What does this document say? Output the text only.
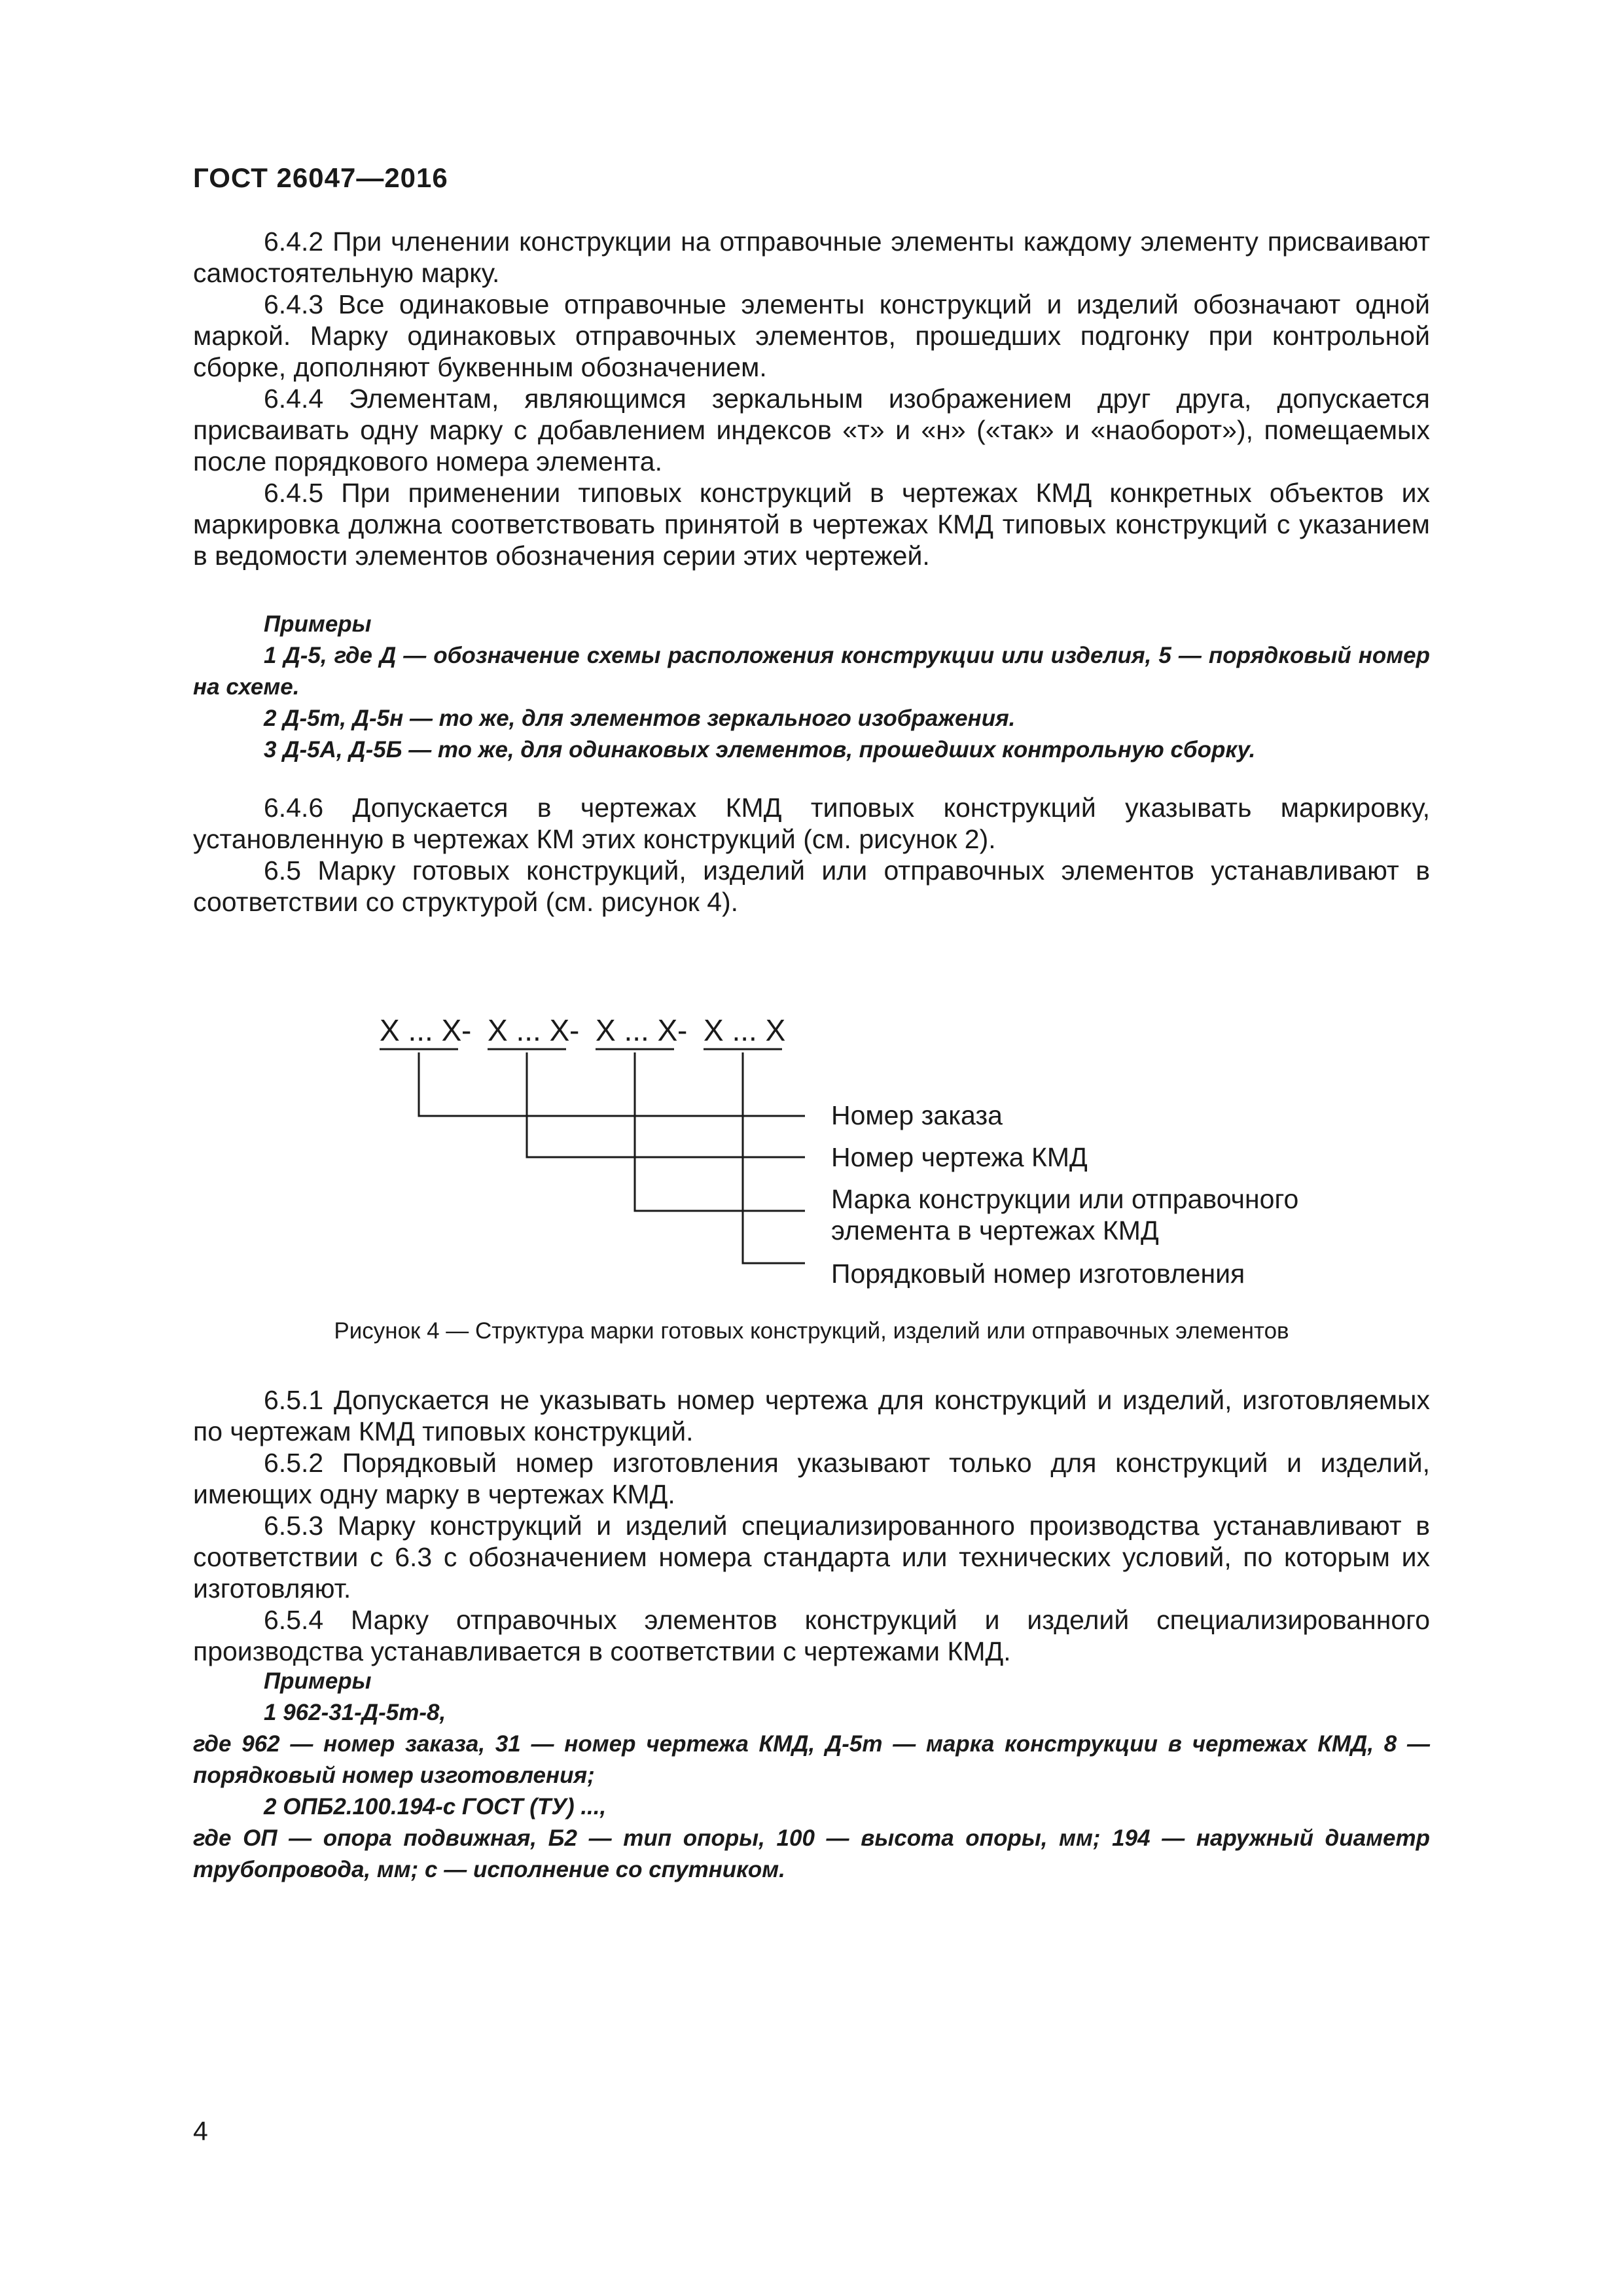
ГОСТ 26047—2016

6.4.2 При членении конструкции на отправочные элементы каждому элементу присваивают самостоятельную марку.

6.4.3 Все одинаковые отправочные элементы конструкций и изделий обозначают одной маркой. Марку одинаковых отправочных элементов, прошедших подгонку при контрольной сборке, дополняют буквенным обозначением.

6.4.4 Элементам, являющимся зеркальным изображением друг друга, допускается присваивать одну марку с добавлением индексов «т» и «н» («так» и «наоборот»), помещаемых после порядкового номера элемента.

6.4.5 При применении типовых конструкций в чертежах КМД конкретных объектов их маркировка должна соответствовать принятой в чертежах КМД типовых конструкций с указанием в ведомости элементов обозначения серии этих чертежей.

Примеры

1 Д-5, где Д — обозначение схемы расположения конструкции или изделия, 5 — порядковый номер на схеме.

2 Д-5т, Д-5н — то же, для элементов зеркального изображения.

3 Д-5А, Д-5Б — то же, для одинаковых элементов, прошедших контрольную сборку.

6.4.6 Допускается в чертежах КМД типовых конструкций указывать маркировку, установленную в чертежах КМ этих конструкций (см. рисунок 2).

6.5 Марку готовых конструкций, изделий или отправочных элементов устанавливают в соответствии со структурой (см. рисунок 4).

X ... X - X ... X - X ... X - X ... X
Номер заказа
Номер чертежа КМД
Марка конструкции или отправочного
элемента в чертежах КМД
Порядковый номер изготовления

Рисунок 4 — Структура марки готовых конструкций, изделий или отправочных элементов

6.5.1 Допускается не указывать номер чертежа для конструкций и изделий, изготовляемых по чертежам КМД типовых конструкций.

6.5.2 Порядковый номер изготовления указывают только для конструкций и изделий, имеющих одну марку в чертежах КМД.

6.5.3 Марку конструкций и изделий специализированного производства устанавливают в соответствии с 6.3 с обозначением номера стандарта или технических условий, по которым их изготовляют.

6.5.4 Марку отправочных элементов конструкций и изделий специализированного производства устанавливается в соответствии с чертежами КМД.

Примеры

1 962-31-Д-5т-8,

где 962 — номер заказа, 31 — номер чертежа КМД, Д-5т — марка конструкции в чертежах КМД, 8 — порядковый номер изготовления;

2 ОПБ2.100.194-с ГОСТ (ТУ) ...,

где ОП — опора подвижная, Б2 — тип опоры, 100 — высота опоры, мм; 194 — наружный диаметр трубопровода, мм; с — исполнение со спутником.

4
